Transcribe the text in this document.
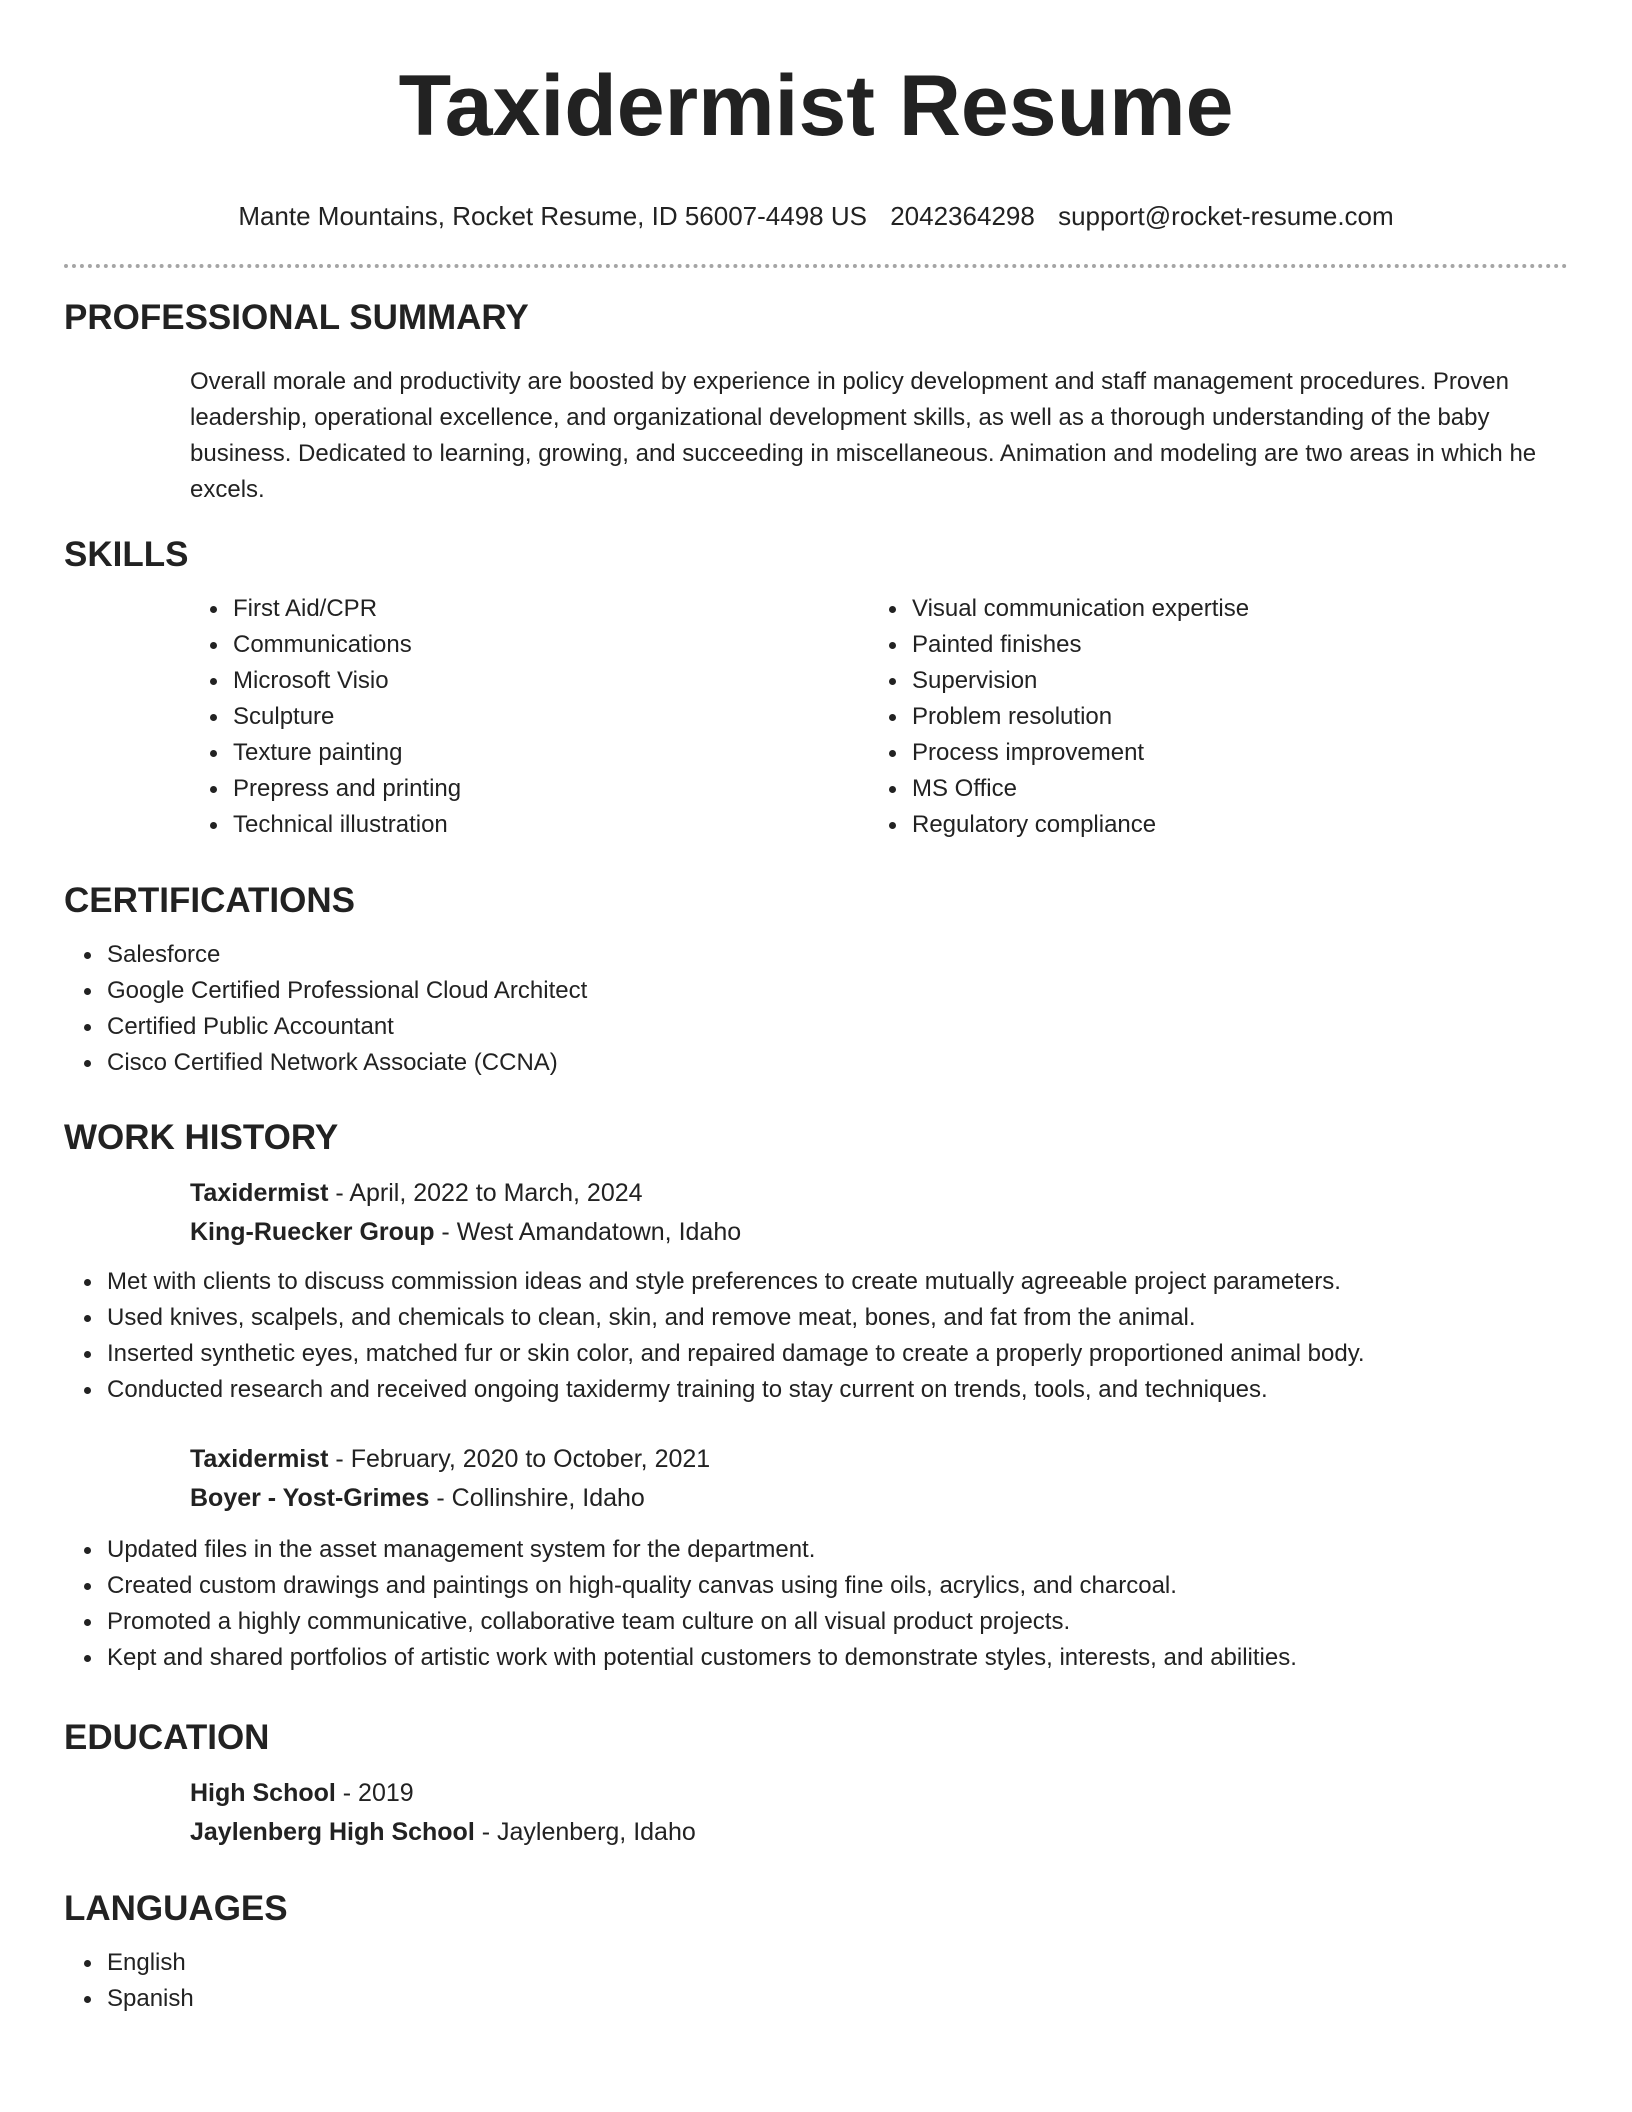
Taxidermist Resume
Mante Mountains, Rocket Resume, ID 56007-4498 US 2042364298 support@rocket-resume.com
PROFESSIONAL SUMMARY
Overall morale and productivity are boosted by experience in policy development and staff management procedures. Proven leadership, operational excellence, and organizational development skills, as well as a thorough understanding of the baby business. Dedicated to learning, growing, and succeeding in miscellaneous. Animation and modeling are two areas in which he excels.
SKILLS
First Aid/CPR
Communications
Microsoft Visio
Sculpture
Texture painting
Prepress and printing
Technical illustration
Visual communication expertise
Painted finishes
Supervision
Problem resolution
Process improvement
MS Office
Regulatory compliance
CERTIFICATIONS
Salesforce
Google Certified Professional Cloud Architect
Certified Public Accountant
Cisco Certified Network Associate (CCNA)
WORK HISTORY
Taxidermist - April, 2022 to March, 2024
King-Ruecker Group - West Amandatown, Idaho
Met with clients to discuss commission ideas and style preferences to create mutually agreeable project parameters.
Used knives, scalpels, and chemicals to clean, skin, and remove meat, bones, and fat from the animal.
Inserted synthetic eyes, matched fur or skin color, and repaired damage to create a properly proportioned animal body.
Conducted research and received ongoing taxidermy training to stay current on trends, tools, and techniques.
Taxidermist - February, 2020 to October, 2021
Boyer - Yost-Grimes - Collinshire, Idaho
Updated files in the asset management system for the department.
Created custom drawings and paintings on high-quality canvas using fine oils, acrylics, and charcoal.
Promoted a highly communicative, collaborative team culture on all visual product projects.
Kept and shared portfolios of artistic work with potential customers to demonstrate styles, interests, and abilities.
EDUCATION
High School - 2019
Jaylenberg High School - Jaylenberg, Idaho
LANGUAGES
English
Spanish
